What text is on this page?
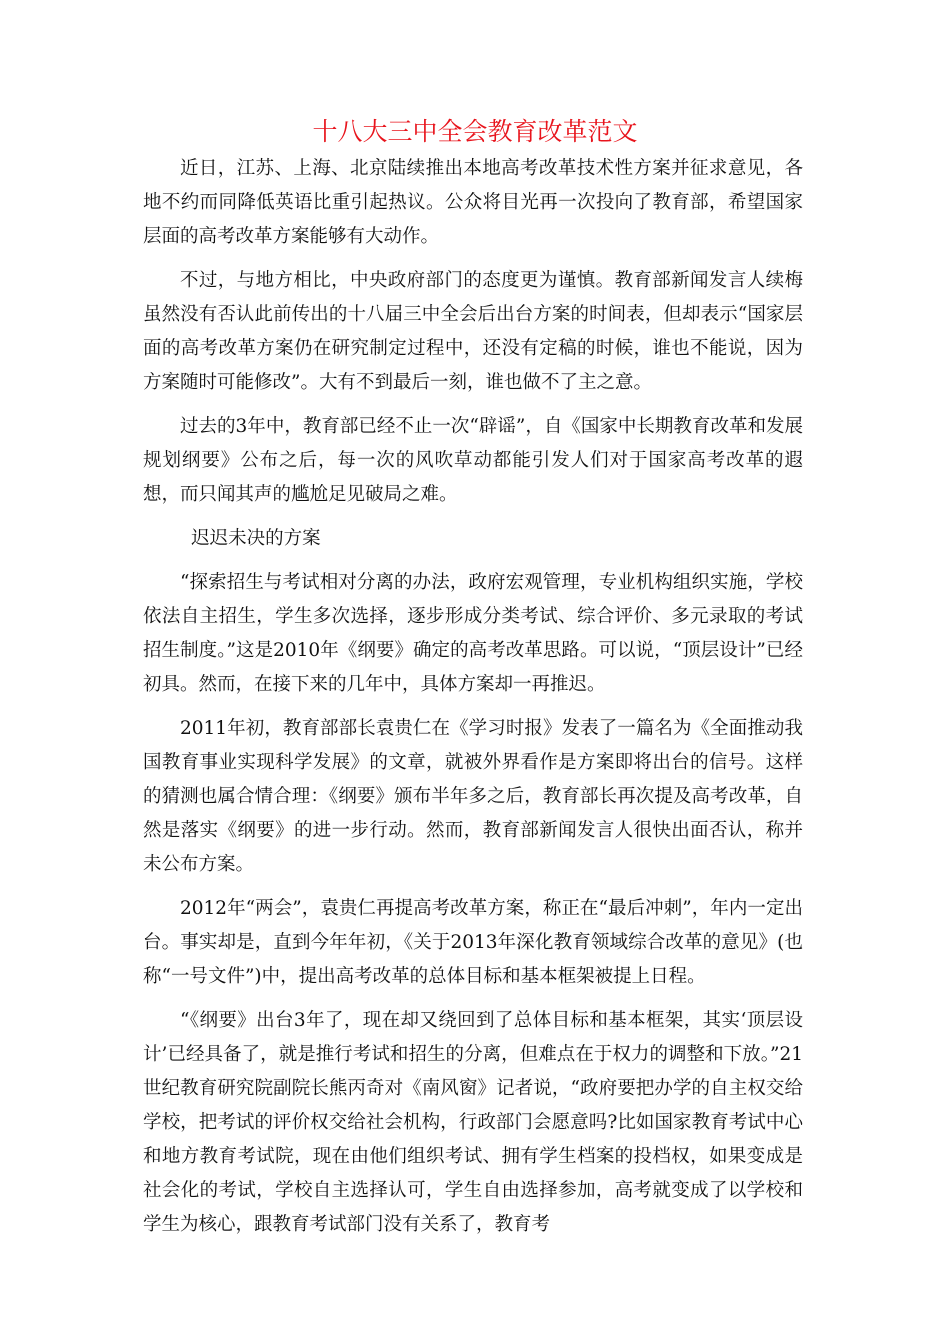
十八大三中全会教育改革范文

近日，江苏、上海、北京陆续推出本地高考改革技术性方案并征求意见，各地不约而同降低英语比重引起热议。公众将目光再一次投向了教育部，希望国家层面的高考改革方案能够有大动作。

不过，与地方相比，中央政府部门的态度更为谨慎。教育部新闻发言人续梅虽然没有否认此前传出的十八届三中全会后出台方案的时间表，但却表示“国家层面的高考改革方案仍在研究制定过程中，还没有定稿的时候，谁也不能说，因为方案随时可能修改”。大有不到最后一刻，谁也做不了主之意。

过去的3年中，教育部已经不止一次“辟谣”，自《国家中长期教育改革和发展规划纲要》公布之后，每一次的风吹草动都能引发人们对于国家高考改革的遐想，而只闻其声的尴尬足见破局之难。

迟迟未决的方案

“探索招生与考试相对分离的办法，政府宏观管理，专业机构组织实施，学校依法自主招生，学生多次选择，逐步形成分类考试、综合评价、多元录取的考试招生制度。”这是2010年《纲要》确定的高考改革思路。可以说，“顶层设计”已经初具。然而，在接下来的几年中，具体方案却一再推迟。

2011年初，教育部部长袁贵仁在《学习时报》发表了一篇名为《全面推动我国教育事业实现科学发展》的文章，就被外界看作是方案即将出台的信号。这样的猜测也属合情合理：《纲要》颁布半年多之后，教育部长再次提及高考改革，自然是落实《纲要》的进一步行动。然而，教育部新闻发言人很快出面否认，称并未公布方案。

2012年“两会”，袁贵仁再提高考改革方案，称正在“最后冲刺”，年内一定出台。事实却是，直到今年年初，《关于2013年深化教育领域综合改革的意见》(也称“一号文件”)中，提出高考改革的总体目标和基本框架被提上日程。

“《纲要》出台3年了，现在却又绕回到了总体目标和基本框架，其实‘顶层设计’已经具备了，就是推行考试和招生的分离，但难点在于权力的调整和下放。”21世纪教育研究院副院长熊丙奇对《南风窗》记者说，“政府要把办学的自主权交给学校，把考试的评价权交给社会机构，行政部门会愿意吗?比如国家教育考试中心和地方教育考试院，现在由他们组织考试、拥有学生档案的投档权，如果变成是社会化的考试，学校自主选择认可，学生自由选择参加，高考就变成了以学校和学生为核心，跟教育考试部门没有关系了，教育考
